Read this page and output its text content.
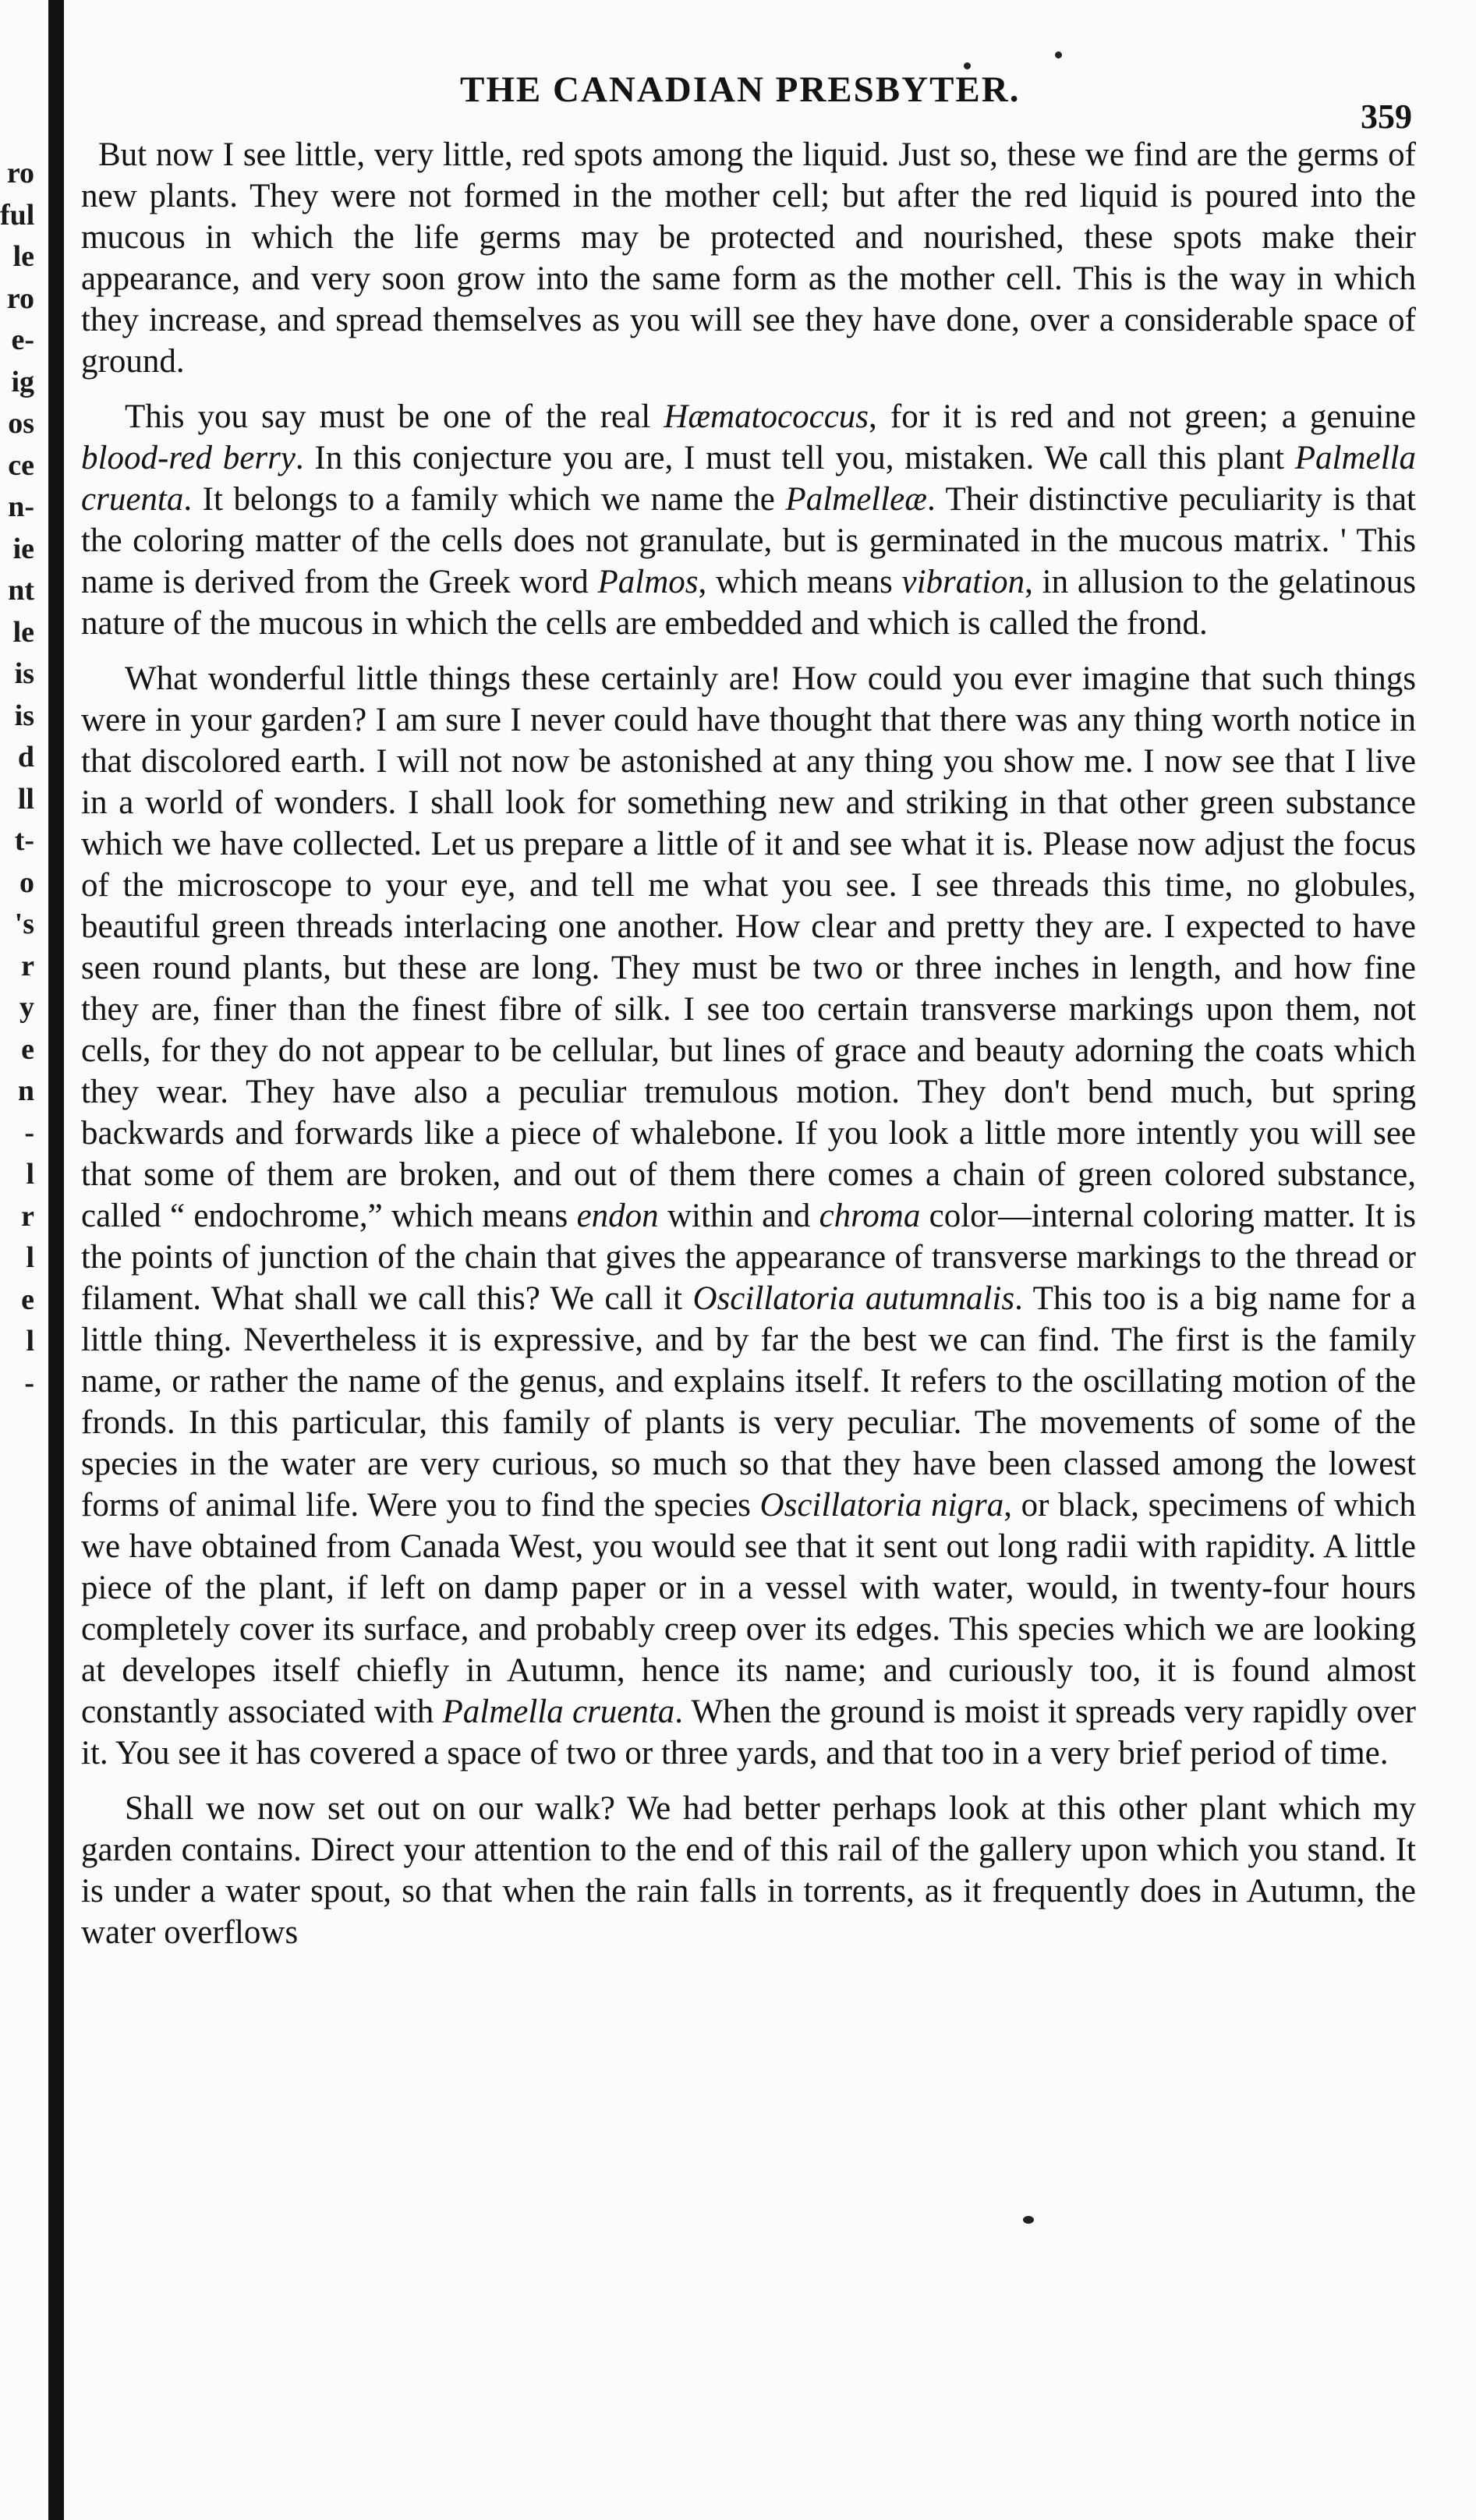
ro
ful
le
ro
e-
ig
os
ce
n-
ie
nt
le
is
is
d
ll
t-
o
's
r
y
e
n
-
l
r
l
e
l
-
THE CANADIAN PRESBYTER.
359

But now I see little, very little, red spots among the liquid. Just so, these we find are the germs of new plants. They were not formed in the mother cell; but after the red liquid is poured into the mucous in which the life germs may be protected and nourished, these spots make their appearance, and very soon grow into the same form as the mother cell. This is the way in which they increase, and spread themselves as you will see they have done, over a considerable space of ground.

This you say must be one of the real Hæmatococcus, for it is red and not green; a genuine blood-red berry. In this conjecture you are, I must tell you, mistaken. We call this plant Palmella cruenta. It belongs to a family which we name the Palmelleæ. Their distinctive peculiarity is that the coloring matter of the cells does not granulate, but is germinated in the mucous matrix. ' This name is derived from the Greek word Palmos, which means vibration, in allusion to the gelatinous nature of the mucous in which the cells are embedded and which is called the frond.

What wonderful little things these certainly are! How could you ever imagine that such things were in your garden? I am sure I never could have thought that there was any thing worth notice in that discolored earth. I will not now be astonished at any thing you show me. I now see that I live in a world of wonders. I shall look for something new and striking in that other green substance which we have collected. Let us prepare a little of it and see what it is. Please now adjust the focus of the microscope to your eye, and tell me what you see. I see threads this time, no globules, beautiful green threads interlacing one another. How clear and pretty they are. I expected to have seen round plants, but these are long. They must be two or three inches in length, and how fine they are, finer than the finest fibre of silk. I see too certain transverse markings upon them, not cells, for they do not appear to be cellular, but lines of grace and beauty adorning the coats which they wear. They have also a peculiar tremulous motion. They don't bend much, but spring backwards and forwards like a piece of whalebone. If you look a little more intently you will see that some of them are broken, and out of them there comes a chain of green colored substance, called “ endochrome,” which means endon within and chroma color—internal coloring matter. It is the points of junction of the chain that gives the appearance of transverse markings to the thread or filament. What shall we call this? We call it Oscillatoria autumnalis. This too is a big name for a little thing. Nevertheless it is expressive, and by far the best we can find. The first is the family name, or rather the name of the genus, and explains itself. It refers to the oscillating motion of the fronds. In this particular, this family of plants is very peculiar. The movements of some of the species in the water are very curious, so much so that they have been classed among the lowest forms of animal life. Were you to find the species Oscillatoria nigra, or black, specimens of which we have obtained from Canada West, you would see that it sent out long radii with rapidity. A little piece of the plant, if left on damp paper or in a vessel with water, would, in twenty-four hours completely cover its surface, and probably creep over its edges. This species which we are looking at developes itself chiefly in Autumn, hence its name; and curiously too, it is found almost constantly associated with Palmella cruenta. When the ground is moist it spreads very rapidly over it. You see it has covered a space of two or three yards, and that too in a very brief period of time.

Shall we now set out on our walk? We had better perhaps look at this other plant which my garden contains. Direct your attention to the end of this rail of the gallery upon which you stand. It is under a water spout, so that when the rain falls in torrents, as it frequently does in Autumn, the water overflows
